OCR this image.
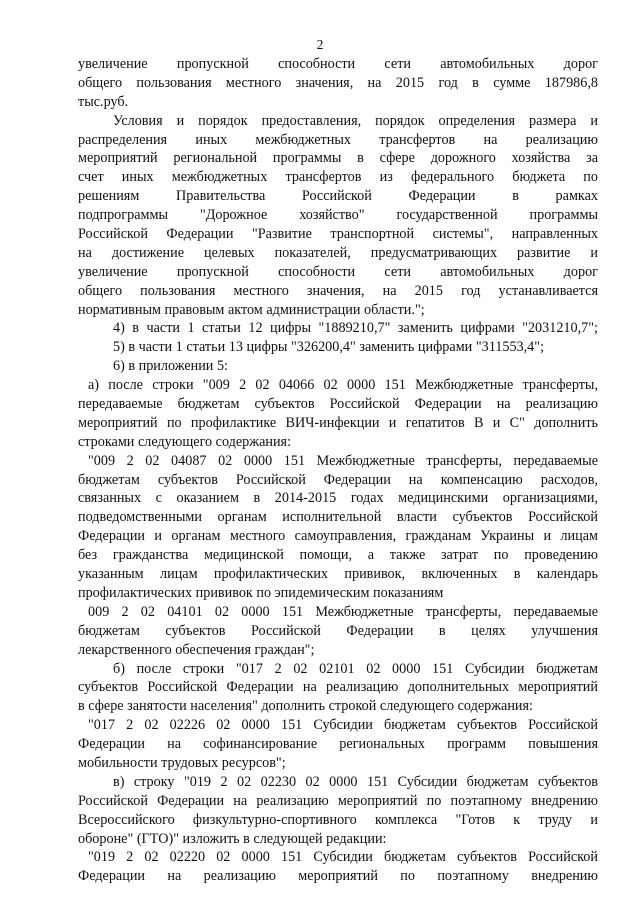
2
увеличение пропускной способности сети автомобильных дорог
общего пользования местного значения, на 2015 год в сумме 187986,8
тыс.руб.
Условия и порядок предоставления, порядок определения размера и
распределения иных межбюджетных трансфертов на реализацию
мероприятий региональной программы в сфере дорожного хозяйства за
счет иных межбюджетных трансфертов из федерального бюджета по
решениям Правительства Российской Федерации в рамках
подпрограммы "Дорожное хозяйство" государственной программы
Российской Федерации "Развитие транспортной системы", направленных
на достижение целевых показателей, предусматривающих развитие и
увеличение пропускной способности сети автомобильных дорог
общего пользования местного значения, на 2015 год устанавливается
нормативным правовым актом администрации области.";
4) в части 1 статьи 12 цифры "1889210,7" заменить цифрами "2031210,7";
5) в части 1 статьи 13 цифры "326200,4" заменить цифрами "311553,4";
6) в приложении 5:
а) после строки "009 2 02 04066 02 0000 151 Межбюджетные трансферты,
передаваемые бюджетам субъектов Российской Федерации на реализацию
мероприятий по профилактике ВИЧ-инфекции и гепатитов В и С" дополнить
строками следующего содержания:
"009 2 02 04087 02 0000 151 Межбюджетные трансферты, передаваемые
бюджетам субъектов Российской Федерации на компенсацию расходов,
связанных с оказанием в 2014-2015 годах медицинскими организациями,
подведомственными органам исполнительной власти субъектов Российской
Федерации и органам местного самоуправления, гражданам Украины и лицам
без гражданства медицинской помощи, а также затрат по проведению
указанным лицам профилактических прививок, включенных в календарь
профилактических прививок по эпидемическим показаниям
009 2 02 04101 02 0000 151 Межбюджетные трансферты, передаваемые
бюджетам субъектов Российской Федерации в целях улучшения
лекарственного обеспечения граждан";
б) после строки "017 2 02 02101 02 0000 151 Субсидии бюджетам
субъектов Российской Федерации на реализацию дополнительных мероприятий
в сфере занятости населения" дополнить строкой следующего содержания:
"017 2 02 02226 02 0000 151 Субсидии бюджетам субъектов Российской
Федерации на софинансирование региональных программ повышения
мобильности трудовых ресурсов";
в) строку "019 2 02 02230 02 0000 151 Субсидии бюджетам субъектов
Российской Федерации на реализацию мероприятий по поэтапному внедрению
Всероссийского физкультурно-спортивного комплекса "Готов к труду и
обороне" (ГТО)" изложить в следующей редакции:
"019 2 02 02220 02 0000 151 Субсидии бюджетам субъектов Российской
Федерации на реализацию мероприятий по поэтапному внедрению
